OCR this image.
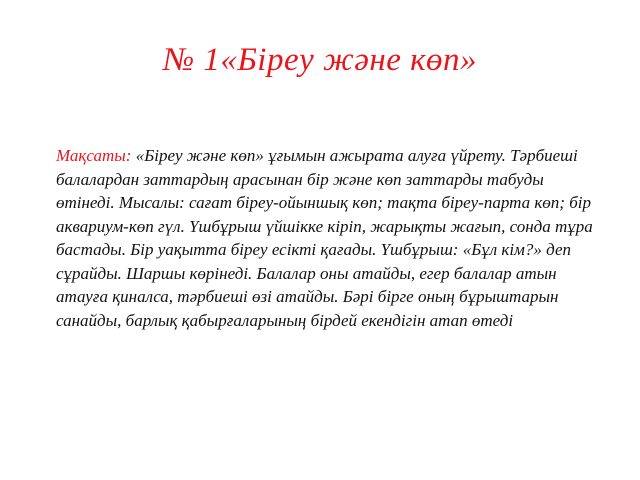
№ 1«Біреу және көп»

Мақсаты: «Біреу және көп» ұғымын ажырата алуға үйрету. Тәрбиеші балалардан заттардың арасынан бір және көп заттарды табуды өтінеді. Мысалы: сағат біреу-ойыншық көп; тақта біреу-парта көп; бір аквариум-көп гүл. Үшбұрыш үйшікке кіріп, жарықты жағып, сонда тұра бастады. Бір уақытта біреу есікті қағады. Үшбұрыш: «Бұл кім?» деп сұрайды. Шаршы көрінеді. Балалар оны атайды, егер балалар атын атауға қиналса, тәрбиеші өзі атайды. Бәрі бірге оның бұрыштарын санайды, барлық қабырғаларының бірдей екендігін атап өтеді
